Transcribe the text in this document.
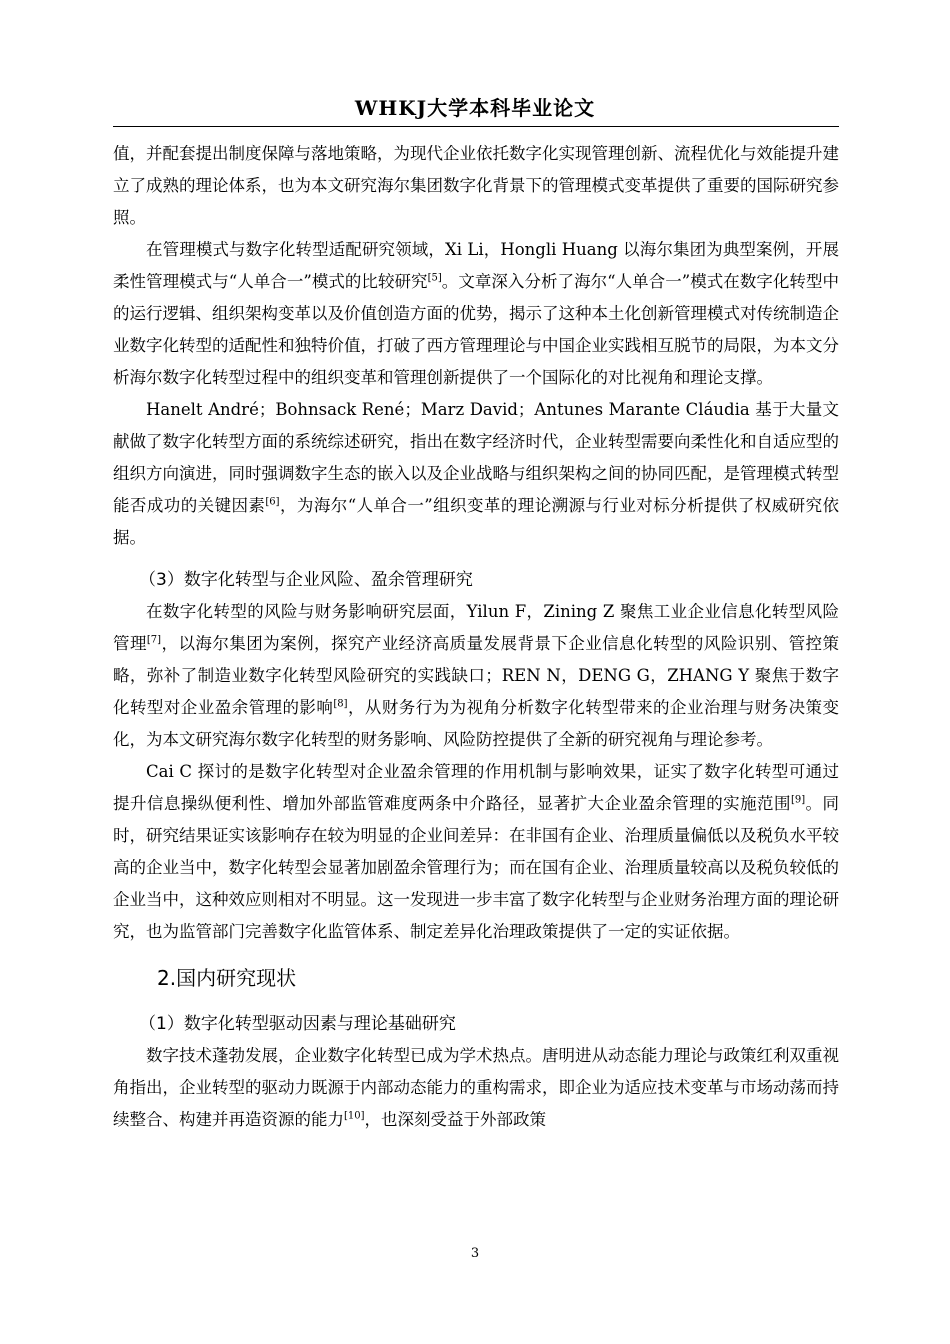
WHKJ大学本科毕业论文

值，并配套提出制度保障与落地策略，为现代企业依托数字化实现管理创新、流程优化与效能提升建立了成熟的理论体系，也为本文研究海尔集团数字化背景下的管理模式变革提供了重要的国际研究参照。

在管理模式与数字化转型适配研究领域，Xi Li，Hongli Huang 以海尔集团为典型案例，开展柔性管理模式与“人单合一”模式的比较研究[5]。文章深入分析了海尔“人单合一”模式在数字化转型中的运行逻辑、组织架构变革以及价值创造方面的优势，揭示了这种本土化创新管理模式对传统制造企业数字化转型的适配性和独特价值，打破了西方管理理论与中国企业实践相互脱节的局限，为本文分析海尔数字化转型过程中的组织变革和管理创新提供了一个国际化的对比视角和理论支撑。

Hanelt André；Bohnsack René；Marz David；Antunes Marante Cláudia 基于大量文献做了数字化转型方面的系统综述研究，指出在数字经济时代，企业转型需要向柔性化和自适应型的组织方向演进，同时强调数字生态的嵌入以及企业战略与组织架构之间的协同匹配，是管理模式转型能否成功的关键因素[6]，为海尔“人单合一”组织变革的理论溯源与行业对标分析提供了权威研究依据。

（3）数字化转型与企业风险、盈余管理研究

在数字化转型的风险与财务影响研究层面，Yilun F，Zining Z 聚焦工业企业信息化转型风险管理[7]，以海尔集团为案例，探究产业经济高质量发展背景下企业信息化转型的风险识别、管控策略，弥补了制造业数字化转型风险研究的实践缺口；REN N，DENG G，ZHANG Y 聚焦于数字化转型对企业盈余管理的影响[8]，从财务行为为视角分析数字化转型带来的企业治理与财务决策变化，为本文研究海尔数字化转型的财务影响、风险防控提供了全新的研究视角与理论参考。

Cai C 探讨的是数字化转型对企业盈余管理的作用机制与影响效果，证实了数字化转型可通过提升信息操纵便利性、增加外部监管难度两条中介路径，显著扩大企业盈余管理的实施范围[9]。同时，研究结果证实该影响存在较为明显的企业间差异：在非国有企业、治理质量偏低以及税负水平较高的企业当中，数字化转型会显著加剧盈余管理行为；而在国有企业、治理质量较高以及税负较低的企业当中，这种效应则相对不明显。这一发现进一步丰富了数字化转型与企业财务治理方面的理论研究，也为监管部门完善数字化监管体系、制定差异化治理政策提供了一定的实证依据。

2.国内研究现状

（1）数字化转型驱动因素与理论基础研究

数字技术蓬勃发展，企业数字化转型已成为学术热点。唐明进从动态能力理论与政策红利双重视角指出，企业转型的驱动力既源于内部动态能力的重构需求，即企业为适应技术变革与市场动荡而持续整合、构建并再造资源的能力[10]，也深刻受益于外部政策

3
